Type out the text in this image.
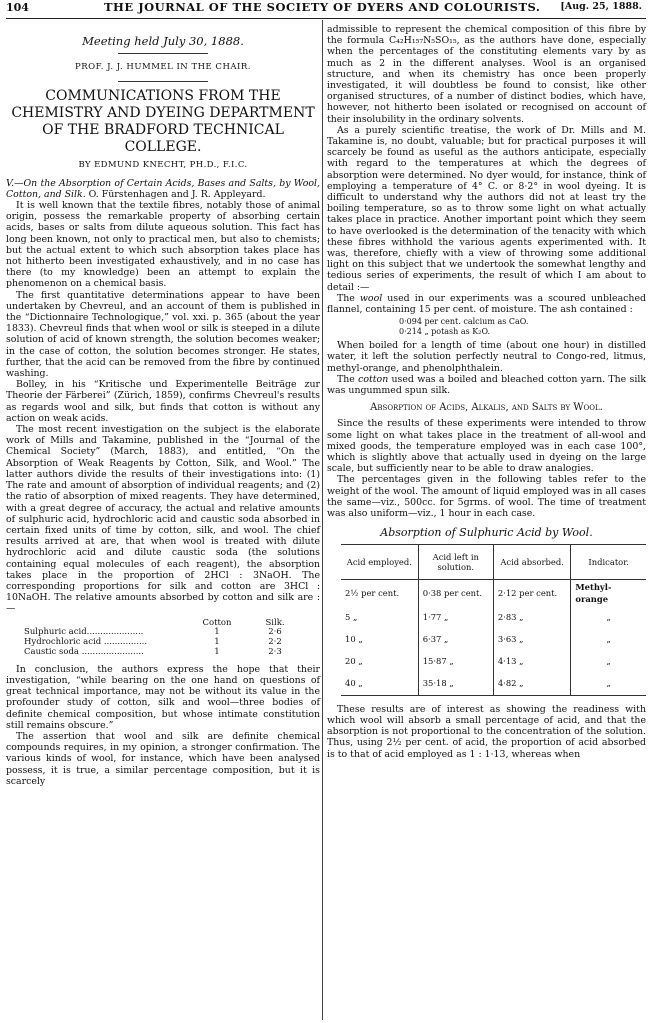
104	THE JOURNAL OF THE SOCIETY OF DYERS AND COLOURISTS. [Aug. 25, 1888.
Meeting held July 30, 1888.
PROF. J. J. HUMMEL IN THE CHAIR.
COMMUNICATIONS FROM THE CHEMISTRY AND DYEING DEPARTMENT OF THE BRADFORD TECHNICAL COLLEGE.
BY EDMUND KNECHT, PH.D., F.I.C.

V.—On the Absorption of Certain Acids, Bases and Salts, by Wool, Cotton, and Silk. O. Fürstenhagen and J. R. Appleyard.

It is well known that the textile fibres, notably those of animal origin, possess the remarkable property of absorbing certain acids, bases or salts from dilute aqueous solution. This fact has long been known, not only to practical men, but also to chemists; but the actual extent to which such absorption takes place has not hitherto been investigated exhaustively, and in no case has there (to my knowledge) been an attempt to explain the phenomenon on a chemical basis.

The first quantitative determinations appear to have been undertaken by Chevreul, and an account of them is published in the “Dictionnaire Technologique,” vol. xxi. p. 365 (about the year 1833). Chevreul finds that when wool or silk is steeped in a dilute solution of acid of known strength, the solution becomes weaker; in the case of cotton, the solution becomes stronger. He states, further, that the acid can be removed from the fibre by continued washing.

Bolley, in his “Kritische und Experimentelle Beiträge zur Theorie der Färberei” (Zürich, 1859), confirms Chevreul's results as regards wool and silk, but finds that cotton is without any action on weak acids.

The most recent investigation on the subject is the elaborate work of Mills and Takamine, published in the “Journal of the Chemical Society” (March, 1883), and entitled, “On the Absorption of Weak Reagents by Cotton, Silk, and Wool.” The latter authors divide the results of their investigations into: (1) The rate and amount of absorption of individual reagents; and (2) the ratio of absorption of mixed reagents. They have determined, with a great degree of accuracy, the actual and relative amounts of sulphuric acid, hydrochloric acid and caustic soda absorbed in certain fixed units of time by cotton, silk, and wool. The chief results arrived at are, that when wool is treated with dilute hydrochloric acid and dilute caustic soda (the solutions containing equal molecules of each reagent), the absorption takes place in the proportion of 2HCl : 3NaOH. The corresponding proportions for silk and cotton are 3HCl : 10NaOH. The relative amounts absorbed by cotton and silk are :—

	Cotton	Silk.
Sulphuric acid.....................	1	2·6
Hydrochloric acid ................	1	2·2
Caustic soda .......................	1	2·3

In conclusion, the authors express the hope that their investigation, “while bearing on the one hand on questions of great technical importance, may not be without its value in the profounder study of cotton, silk and wool—three bodies of definite chemical composition, but whose intimate constitution still remains obscure.”

The assertion that wool and silk are definite chemical compounds requires, in my opinion, a stronger confirmation. The various kinds of wool, for instance, which have been analysed possess, it is true, a similar percentage composition, but it is scarcely

admissible to represent the chemical composition of this fibre by the formula C₄₂H₁₅₇N₅SO₁₅, as the authors have done, especially when the percentages of the constituting elements vary by as much as 2 in the different analyses. Wool is an organised structure, and when its chemistry has once been properly investigated, it will doubtless be found to consist, like other organised structures, of a number of distinct bodies, which have, however, not hitherto been isolated or recognised on account of their insolubility in the ordinary solvents.

As a purely scientific treatise, the work of Dr. Mills and M. Takamine is, no doubt, valuable; but for practical purposes it will scarcely be found as useful as the authors anticipate, especially with regard to the temperatures at which the degrees of absorption were determined. No dyer would, for instance, think of employing a temperature of 4° C. or 8·2° in wool dyeing. It is difficult to understand why the authors did not at least try the boiling temperature, so as to throw some light on what actually takes place in practice. Another important point which they seem to have overlooked is the determination of the tenacity with which these fibres withhold the various agents experimented with. It was, therefore, chiefly with a view of throwing some additional light on this subject that we undertook the somewhat lengthy and tedious series of experiments, the result of which I am about to detail :—

The wool used in our experiments was a scoured unbleached flannel, containing 15 per cent. of moisture. The ash contained :

0·094 per cent. calcium as CaO.
0·214 „ potash as K₂O.

When boiled for a length of time (about one hour) in distilled water, it left the solution perfectly neutral to Congo-red, litmus, methyl-orange, and phenolphthalein.

The cotton used was a boiled and bleached cotton yarn. The silk was ungummed spun silk.

Absorption of Acids, Alkalis, and Salts by Wool.

Since the results of these experiments were intended to throw some light on what takes place in the treatment of all-wool and mixed goods, the temperature employed was in each case 100°, which is slightly above that actually used in dyeing on the large scale, but sufficiently near to be able to draw analogies.

The percentages given in the following tables refer to the weight of the wool. The amount of liquid employed was in all cases the same—viz., 500cc. for 5grms. of wool. The time of treatment was also uniform—viz., 1 hour in each case.

Absorption of Sulphuric Acid by Wool.
Acid employed.	Acid left in solution.	Acid absorbed.	Indicator.
2½ per cent.	0·38 per cent.	2·12 per cent.	Methyl-orange
5 „	1·77 „	2·83 „	„
10 „	6·37 „	3·63 „	„
20 „	15·87 „	4·13 „	„
40 „	35·18 „	4·82 „	„

These results are of interest as showing the readiness with which wool will absorb a small percentage of acid, and that the absorption is not proportional to the concentration of the solution. Thus, using 2½ per cent. of acid, the proportion of acid absorbed is to that of acid employed as 1 : 1·13, whereas when
